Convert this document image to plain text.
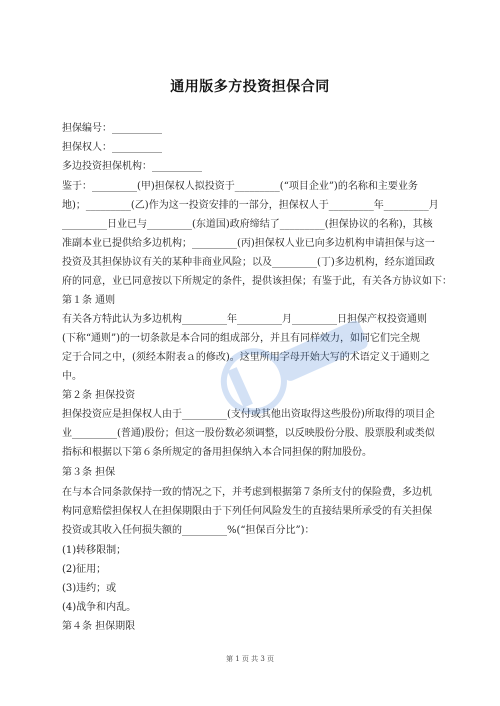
通用版多方投资担保合同
担保编号：__________
担保权人：__________
多边投资担保机构：__________
鉴于：_________(甲)担保权人拟投资于_________(“项目企业”)的名称和主要业务
地)；_________(乙)作为这一投资安排的一部分，担保权人于_________年_________月
_________日业已与_________(东道国)政府缔结了_________(担保协议的名称)，其核
准副本业已提供给多边机构；_________(丙)担保权人业已向多边机构申请担保与这一
投资及其担保协议有关的某种非商业风险；以及_________(丁)多边机构，经东道国政
府的同意，业已同意按以下所规定的条件，提供该担保；有鉴于此，有关各方协议如下：
第１条 通则
有关各方特此认为多边机构_________年_________月_________日担保产权投资通则
(下称“通则”)的一切条款是本合同的组成部分，并且有同样效力，如同它们完全规
定于合同之中，(须经本附表ａ的修改)。这里所用字母开始大写的术语定义于通则之
中。
第２条 担保投资
担保投资应是担保权人由于_________(支付或其他出资取得这些股份)所取得的项目企
业_________(普通)股份；但这一股份数必须调整，以反映股份分股、股票股利或类似
指标和根据以下第６条所规定的备用担保纳入本合同担保的附加股份。
第３条 担保
在与本合同条款保持一致的情况之下，并考虑到根据第７条所支付的保险费，多边机
构同意赔偿担保权人在担保期限由于下列任何风险发生的直接结果所承受的有关担保
投资或其收入任何损失额的_________%(“担保百分比”)：
(1)转移限制；
(2)征用；
(3)违约；或
(4)战争和内乱。
第４条 担保期限
第 1 页 共 3 页
